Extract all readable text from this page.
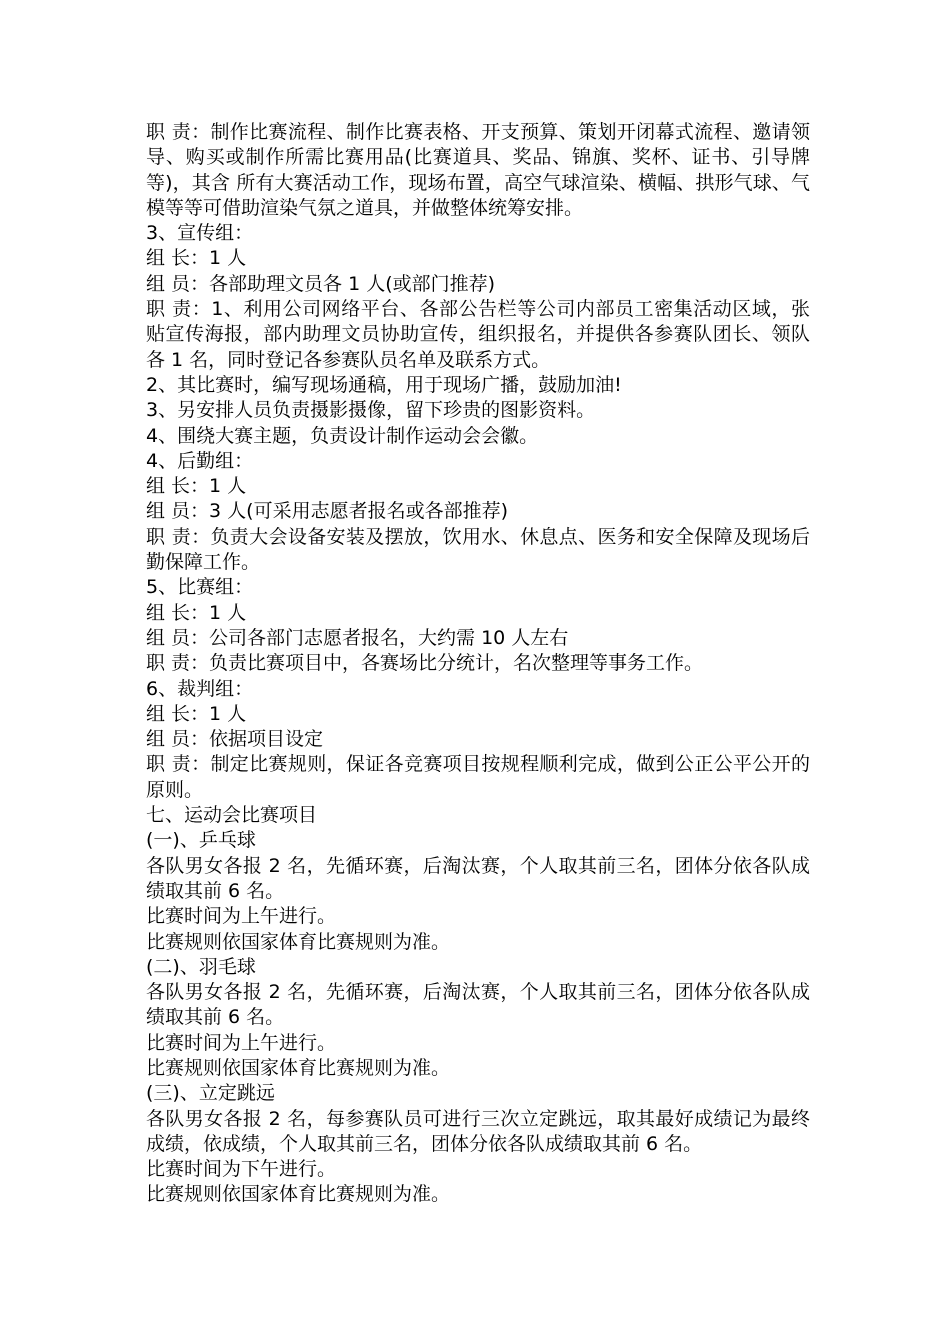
职 责：制作比赛流程、制作比赛表格、开支预算、策划开闭幕式流程、邀请领导、购买或制作所需比赛用品(比赛道具、奖品、锦旗、奖杯、证书、引导牌等)，其含 所有大赛活动工作，现场布置，高空气球渲染、横幅、拱形气球、气模等等可借助渲染气氛之道具，并做整体统筹安排。

3、宣传组：

组 长：1 人

组 员：各部助理文员各 1 人(或部门推荐)

职 责：1、利用公司网络平台、各部公告栏等公司内部员工密集活动区域，张贴宣传海报，部内助理文员协助宣传，组织报名，并提供各参赛队团长、领队各 1 名，同时登记各参赛队员名单及联系方式。

2、其比赛时，编写现场通稿，用于现场广播，鼓励加油!

3、另安排人员负责摄影摄像，留下珍贵的图影资料。

4、围绕大赛主题，负责设计制作运动会会徽。

4、后勤组：

组 长：1 人

组 员：3 人(可采用志愿者报名或各部推荐)

职 责：负责大会设备安装及摆放，饮用水、休息点、医务和安全保障及现场后勤保障工作。

5、比赛组：

组 长：1 人

组 员：公司各部门志愿者报名，大约需 10 人左右

职 责：负责比赛项目中，各赛场比分统计，名次整理等事务工作。

6、裁判组：

组 长：1 人

组 员：依据项目设定

职 责：制定比赛规则，保证各竞赛项目按规程顺利完成，做到公正公平公开的原则。

七、运动会比赛项目

(一)、乒乓球

各队男女各报 2 名，先循环赛，后淘汰赛，个人取其前三名，团体分依各队成绩取其前 6 名。

比赛时间为上午进行。

比赛规则依国家体育比赛规则为准。

(二)、羽毛球

各队男女各报 2 名，先循环赛，后淘汰赛，个人取其前三名，团体分依各队成绩取其前 6 名。

比赛时间为上午进行。

比赛规则依国家体育比赛规则为准。

(三)、立定跳远

各队男女各报 2 名，每参赛队员可进行三次立定跳远，取其最好成绩记为最终成绩，依成绩，个人取其前三名，团体分依各队成绩取其前 6 名。

比赛时间为下午进行。

比赛规则依国家体育比赛规则为准。
